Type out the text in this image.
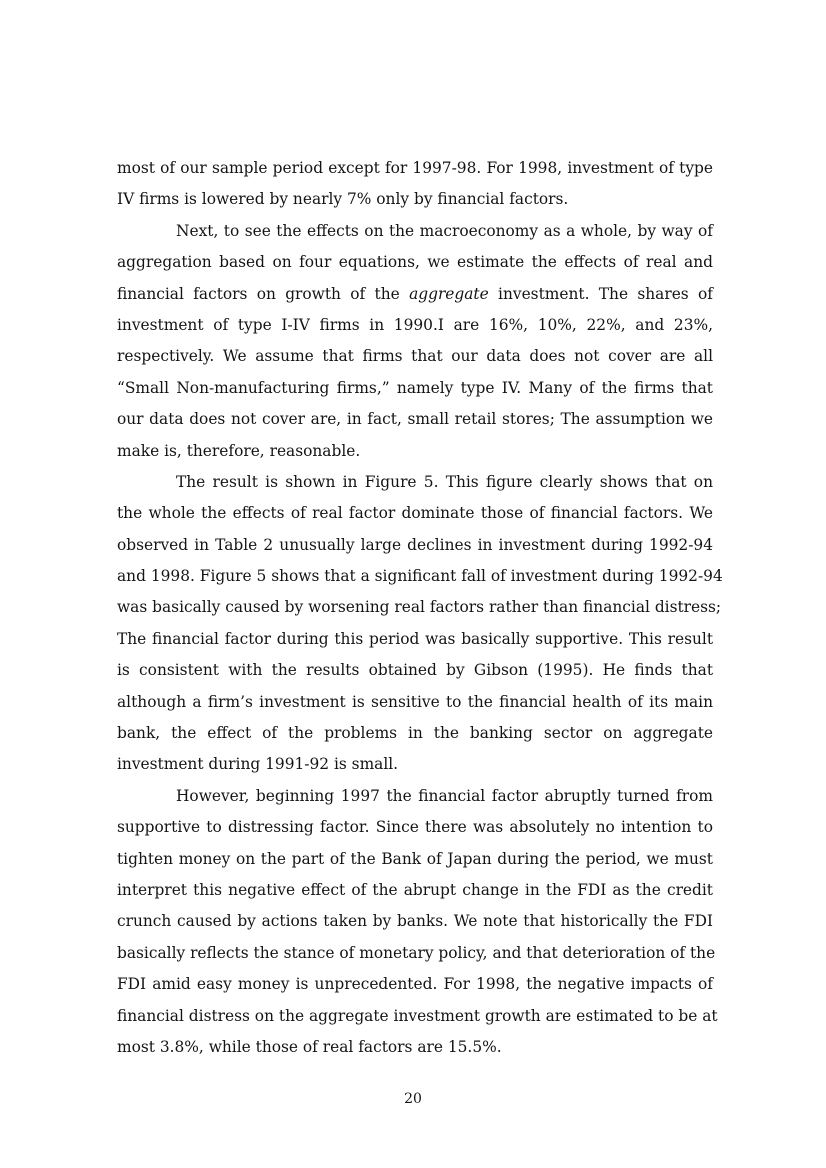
most of our sample period except for 1997-98. For 1998, investment of type
IV firms is lowered by nearly 7% only by financial factors.
Next, to see the effects on the macroeconomy as a whole, by way of
aggregation based on four equations, we estimate the effects of real and
financial factors on growth of the aggregate investment. The shares of
investment of type I-IV firms in 1990.I are 16%, 10%, 22%, and 23%,
respectively. We assume that firms that our data does not cover are all
“Small Non-manufacturing firms,” namely type IV. Many of the firms that
our data does not cover are, in fact, small retail stores; The assumption we
make is, therefore, reasonable.
The result is shown in Figure 5. This figure clearly shows that on
the whole the effects of real factor dominate those of financial factors. We
observed in Table 2 unusually large declines in investment during 1992-94
and 1998. Figure 5 shows that a significant fall of investment during 1992-94
was basically caused by worsening real factors rather than financial distress;
The financial factor during this period was basically supportive. This result
is consistent with the results obtained by Gibson (1995). He finds that
although a firm’s investment is sensitive to the financial health of its main
bank, the effect of the problems in the banking sector on aggregate
investment during 1991-92 is small.
However, beginning 1997 the financial factor abruptly turned from
supportive to distressing factor. Since there was absolutely no intention to
tighten money on the part of the Bank of Japan during the period, we must
interpret this negative effect of the abrupt change in the FDI as the credit
crunch caused by actions taken by banks. We note that historically the FDI
basically reflects the stance of monetary policy, and that deterioration of the
FDI amid easy money is unprecedented. For 1998, the negative impacts of
financial distress on the aggregate investment growth are estimated to be at
most 3.8%, while those of real factors are 15.5%.
20
